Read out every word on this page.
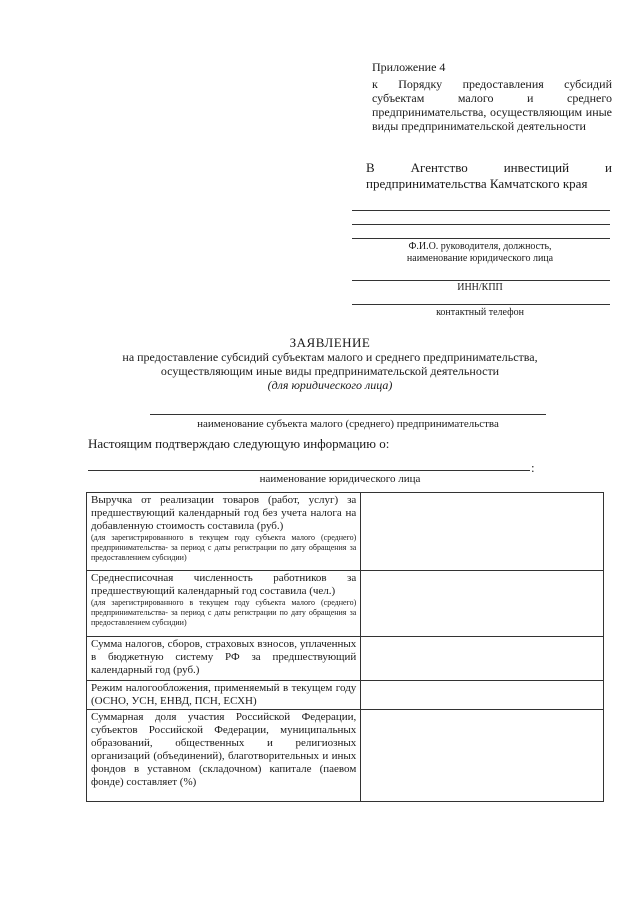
Приложение 4
к Порядку предоставления субсидий субъектам малого и среднего предпринимательства, осуществляющим иные виды предпринимательской деятельности
В Агентство инвестиций и предпринимательства Камчатского края
Ф.И.О. руководителя, должность,
наименование юридического лица
ИНН/КПП
контактный телефон
ЗАЯВЛЕНИЕ
на предоставление субсидий субъектам малого и среднего предпринимательства, осуществляющим иные виды предпринимательской деятельности
(для юридического лица)
наименование субъекта малого (среднего) предпринимательства
Настоящим подтверждаю следующую информацию о:
:
наименование юридического лица
Выручка от реализации товаров (работ, услуг) за предшествующий календарный год без учета налога на добавленную стоимость составила (руб.)
(для зарегистрированного в текущем году субъекта малого (среднего) предпринимательства- за период с даты регистрации по дату обращения за предоставлением субсидии)	

Среднесписочная численность работников за предшествующий календарный год составила (чел.)
(для зарегистрированного в текущем году субъекта малого (среднего) предпринимательства- за период с даты регистрации по дату обращения за предоставлением субсидии)	

Сумма налогов, сборов, страховых взносов, уплаченных в бюджетную систему РФ за предшествующий календарный год (руб.)	
Режим налогообложения, применяемый в текущем году (ОСНО, УСН, ЕНВД, ПСН, ЕСХН)	
Суммарная доля участия Российской Федерации, субъектов Российской Федерации, муниципальных образований, общественных и религиозных организаций (объединений), благотворительных и иных фондов в уставном (складочном) капитале (паевом фонде) составляет (%)	
